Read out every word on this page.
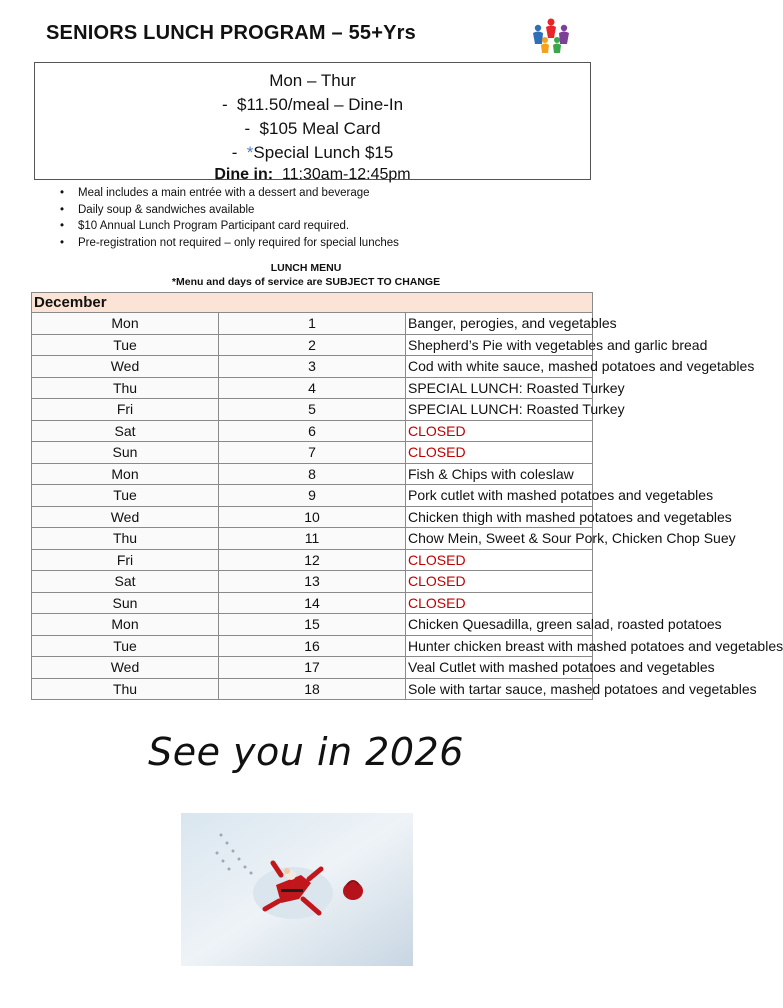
SENIORS LUNCH PROGRAM – 55+Yrs
Mon – Thur
-  $11.50/meal – Dine-In
-  $105 Meal Card
-  *Special Lunch $15
Dine in: 11:30am-12:45pm
• Meal includes a main entrée with a dessert and beverage
• Daily soup & sandwiches available
• $10 Annual Lunch Program Participant card required.
• Pre-registration not required – only required for special lunches
LUNCH MENU
*Menu and days of service are SUBJECT TO CHANGE
December		
Mon	1	Banger, perogies, and vegetables
Tue	2	Shepherd’s Pie with vegetables and garlic bread
Wed	3	Cod with white sauce, mashed potatoes and vegetables
Thu	4	SPECIAL LUNCH: Roasted Turkey
Fri	5	SPECIAL LUNCH: Roasted Turkey
Sat	6	CLOSED
Sun	7	CLOSED
Mon	8	Fish & Chips with coleslaw
Tue	9	Pork cutlet with mashed potatoes and vegetables
Wed	10	Chicken thigh with mashed potatoes and vegetables
Thu	11	Chow Mein, Sweet & Sour Pork, Chicken Chop Suey
Fri	12	CLOSED
Sat	13	CLOSED
Sun	14	CLOSED
Mon	15	Chicken Quesadilla, green salad, roasted potatoes
Tue	16	Hunter chicken breast with mashed potatoes and vegetables
Wed	17	Veal Cutlet with mashed potatoes and vegetables
Thu	18	Sole with tartar sauce, mashed potatoes and vegetables
See you in 2026
